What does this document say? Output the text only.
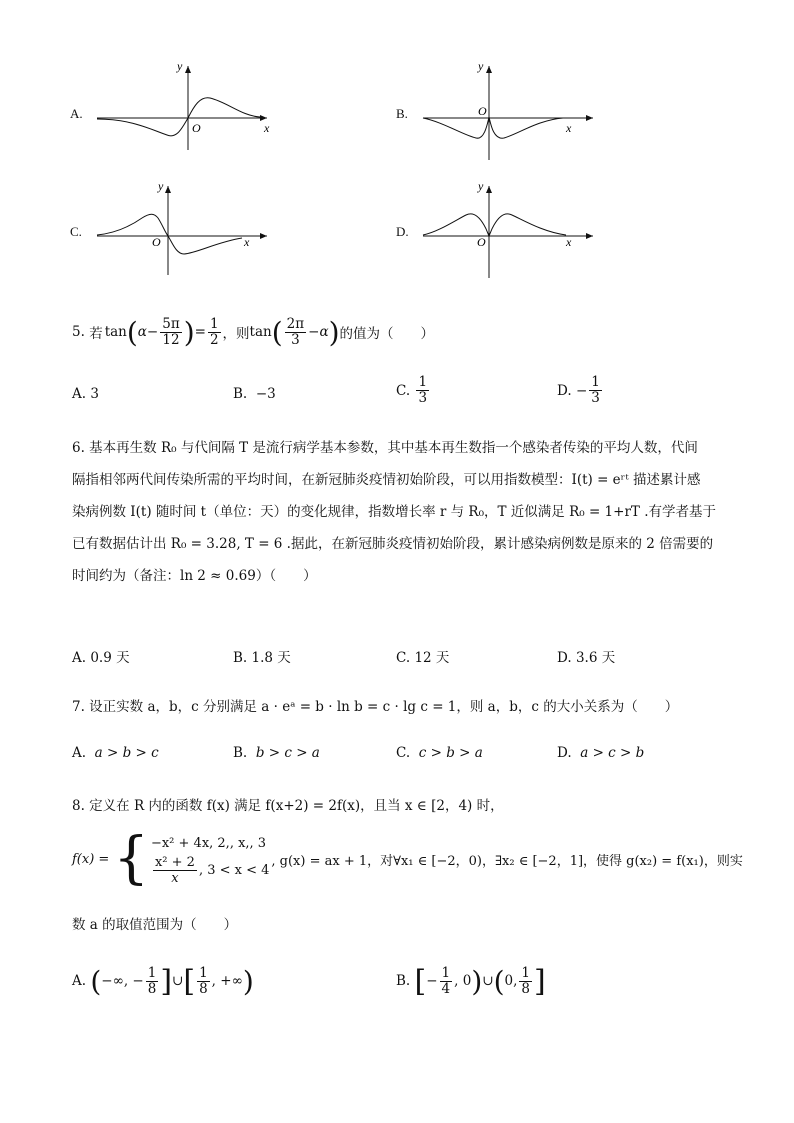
A.
y
x
O
B.
y
x
O
C.
y
x
O
D.
y
x
O
5.
若 tan ( $\alpha - \frac{5\pi}{12}$ ) = $\frac{1}{2}$ ，则 tan ( $\frac{2\pi}{3} - \alpha$ ) 的值为（　　）
A. 3	B. −3	C.
$\frac{1}{3}$	D.
− $\frac{1}{3}$
6. 基本再生数 R₀ 与代间隔 T 是流行病学基本参数，其中基本再生数指一个感染者传染的平均人数，代间
隔指相邻两代间传染所需的平均时间，在新冠肺炎疫情初始阶段，可以用指数模型：I(t) = eʳᵗ 描述累计感
染病例数 I(t) 随时间 t（单位：天）的变化规律，指数增长率 r 与 R₀，T 近似满足 R₀ = 1+rT .有学者基于
已有数据估计出 R₀ = 3.28, T = 6 .据此，在新冠肺炎疫情初始阶段，累计感染病例数是原来的 2 倍需要的
时间约为（备注：ln 2 ≈ 0.69）（　　）
A. 0.9 天	B. 1.8 天	C. 12 天	D. 3.6 天
7. 设正实数 a，b，c 分别满足 a · eᵃ = b · ln b = c · lg c = 1，则 a，b，c 的大小关系为（　　）
A. a > b > c	B. b > c > a	C. c > b > a	D. a > c > b
8. 定义在 R 内的函数 f(x) 满足 f(x+2) = 2f(x)，且当 x ∈ [2，4) 时，
f(x) = { −x² + 4x, 2,, x,, 3
$\frac{\text{x² + 2}}{x}$ , 3 < x < 4
, g(x) = ax + 1，对∀x₁ ∈ [−2，0)，∃x₂ ∈ [−2，1]，使得 g(x₂) = f(x₁)，则实
数 a 的取值范围为（　　）
A.
( −∞, − $\frac{1}{8}$ ] ∪ [ $\frac{1}{8}$ , +∞ )	B.
[ − $\frac{1}{4}$ , 0 ) ∪ ( 0, $\frac{1}{8}$ ]
